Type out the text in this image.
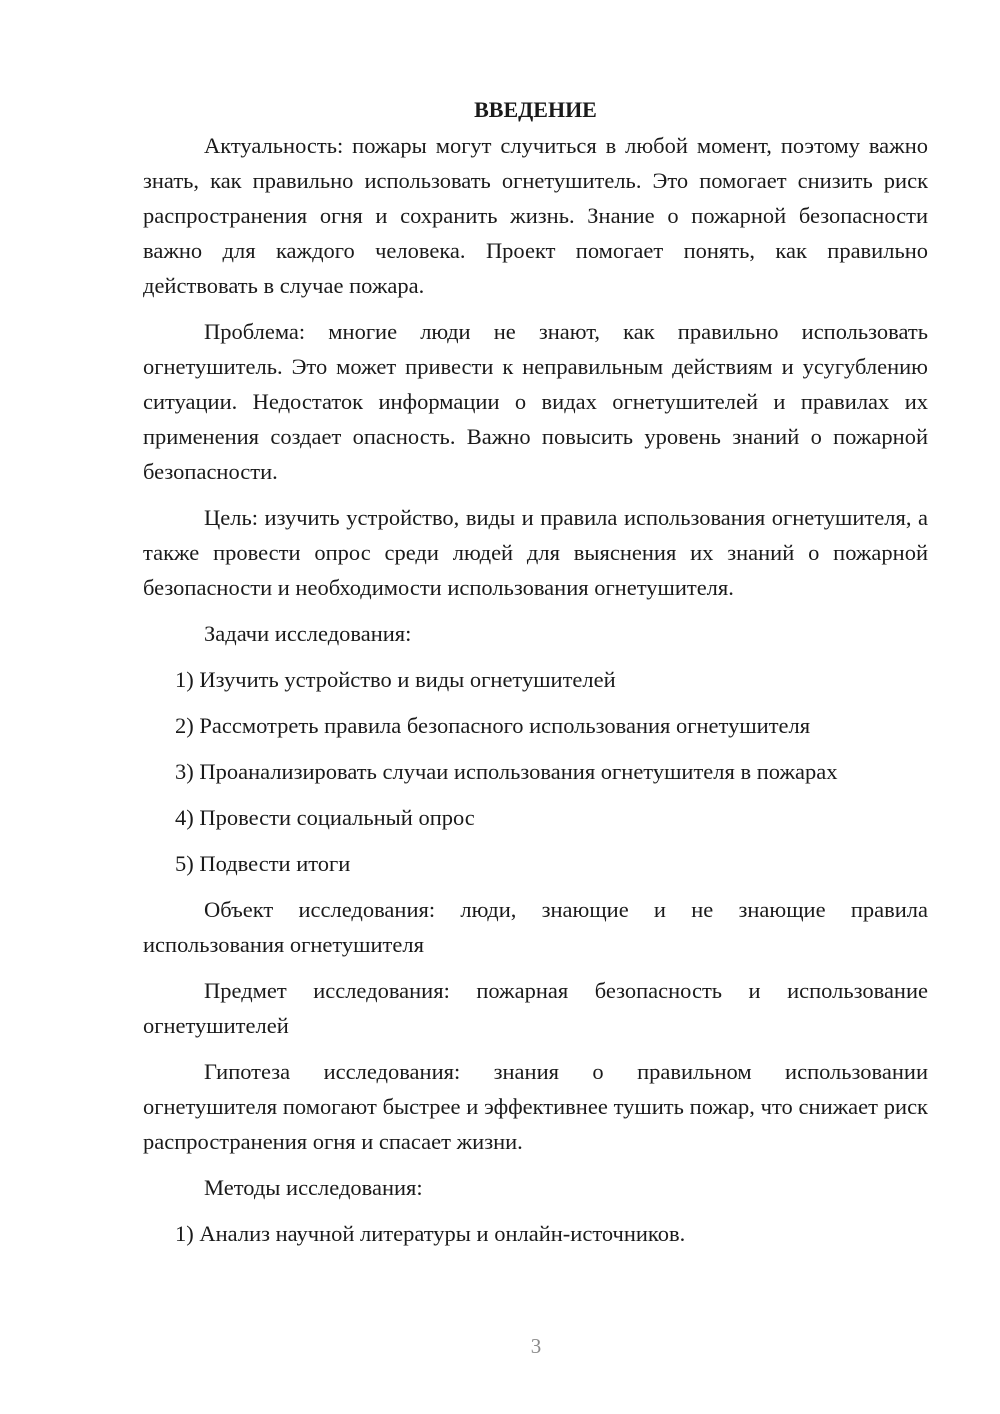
ВВЕДЕНИЕ

Актуальность: пожары могут случиться в любой момент, поэтому важно знать, как правильно использовать огнетушитель. Это помогает снизить риск распространения огня и сохранить жизнь. Знание о пожарной безопасности важно для каждого человека. Проект помогает понять, как правильно действовать в случае пожара.

Проблема: многие люди не знают, как правильно использовать огнетушитель. Это может привести к неправильным действиям и усугублению ситуации. Недостаток информации о видах огнетушителей и правилах их применения создает опасность. Важно повысить уровень знаний о пожарной безопасности.

Цель: изучить устройство, виды и правила использования огнетушителя, а также провести опрос среди людей для выяснения их знаний о пожарной безопасности и необходимости использования огнетушителя.

Задачи исследования:
1) Изучить устройство и виды огнетушителей
2) Рассмотреть правила безопасного использования огнетушителя
3) Проанализировать случаи использования огнетушителя в пожарах
4) Провести социальный опрос
5) Подвести итоги

Объект исследования: люди, знающие и не знающие правила использования огнетушителя

Предмет исследования: пожарная безопасность и использование огнетушителей

Гипотеза исследования: знания о правильном использовании огнетушителя помогают быстрее и эффективнее тушить пожар, что снижает риск распространения огня и спасает жизни.

Методы исследования:
1) Анализ научной литературы и онлайн-источников.
3
